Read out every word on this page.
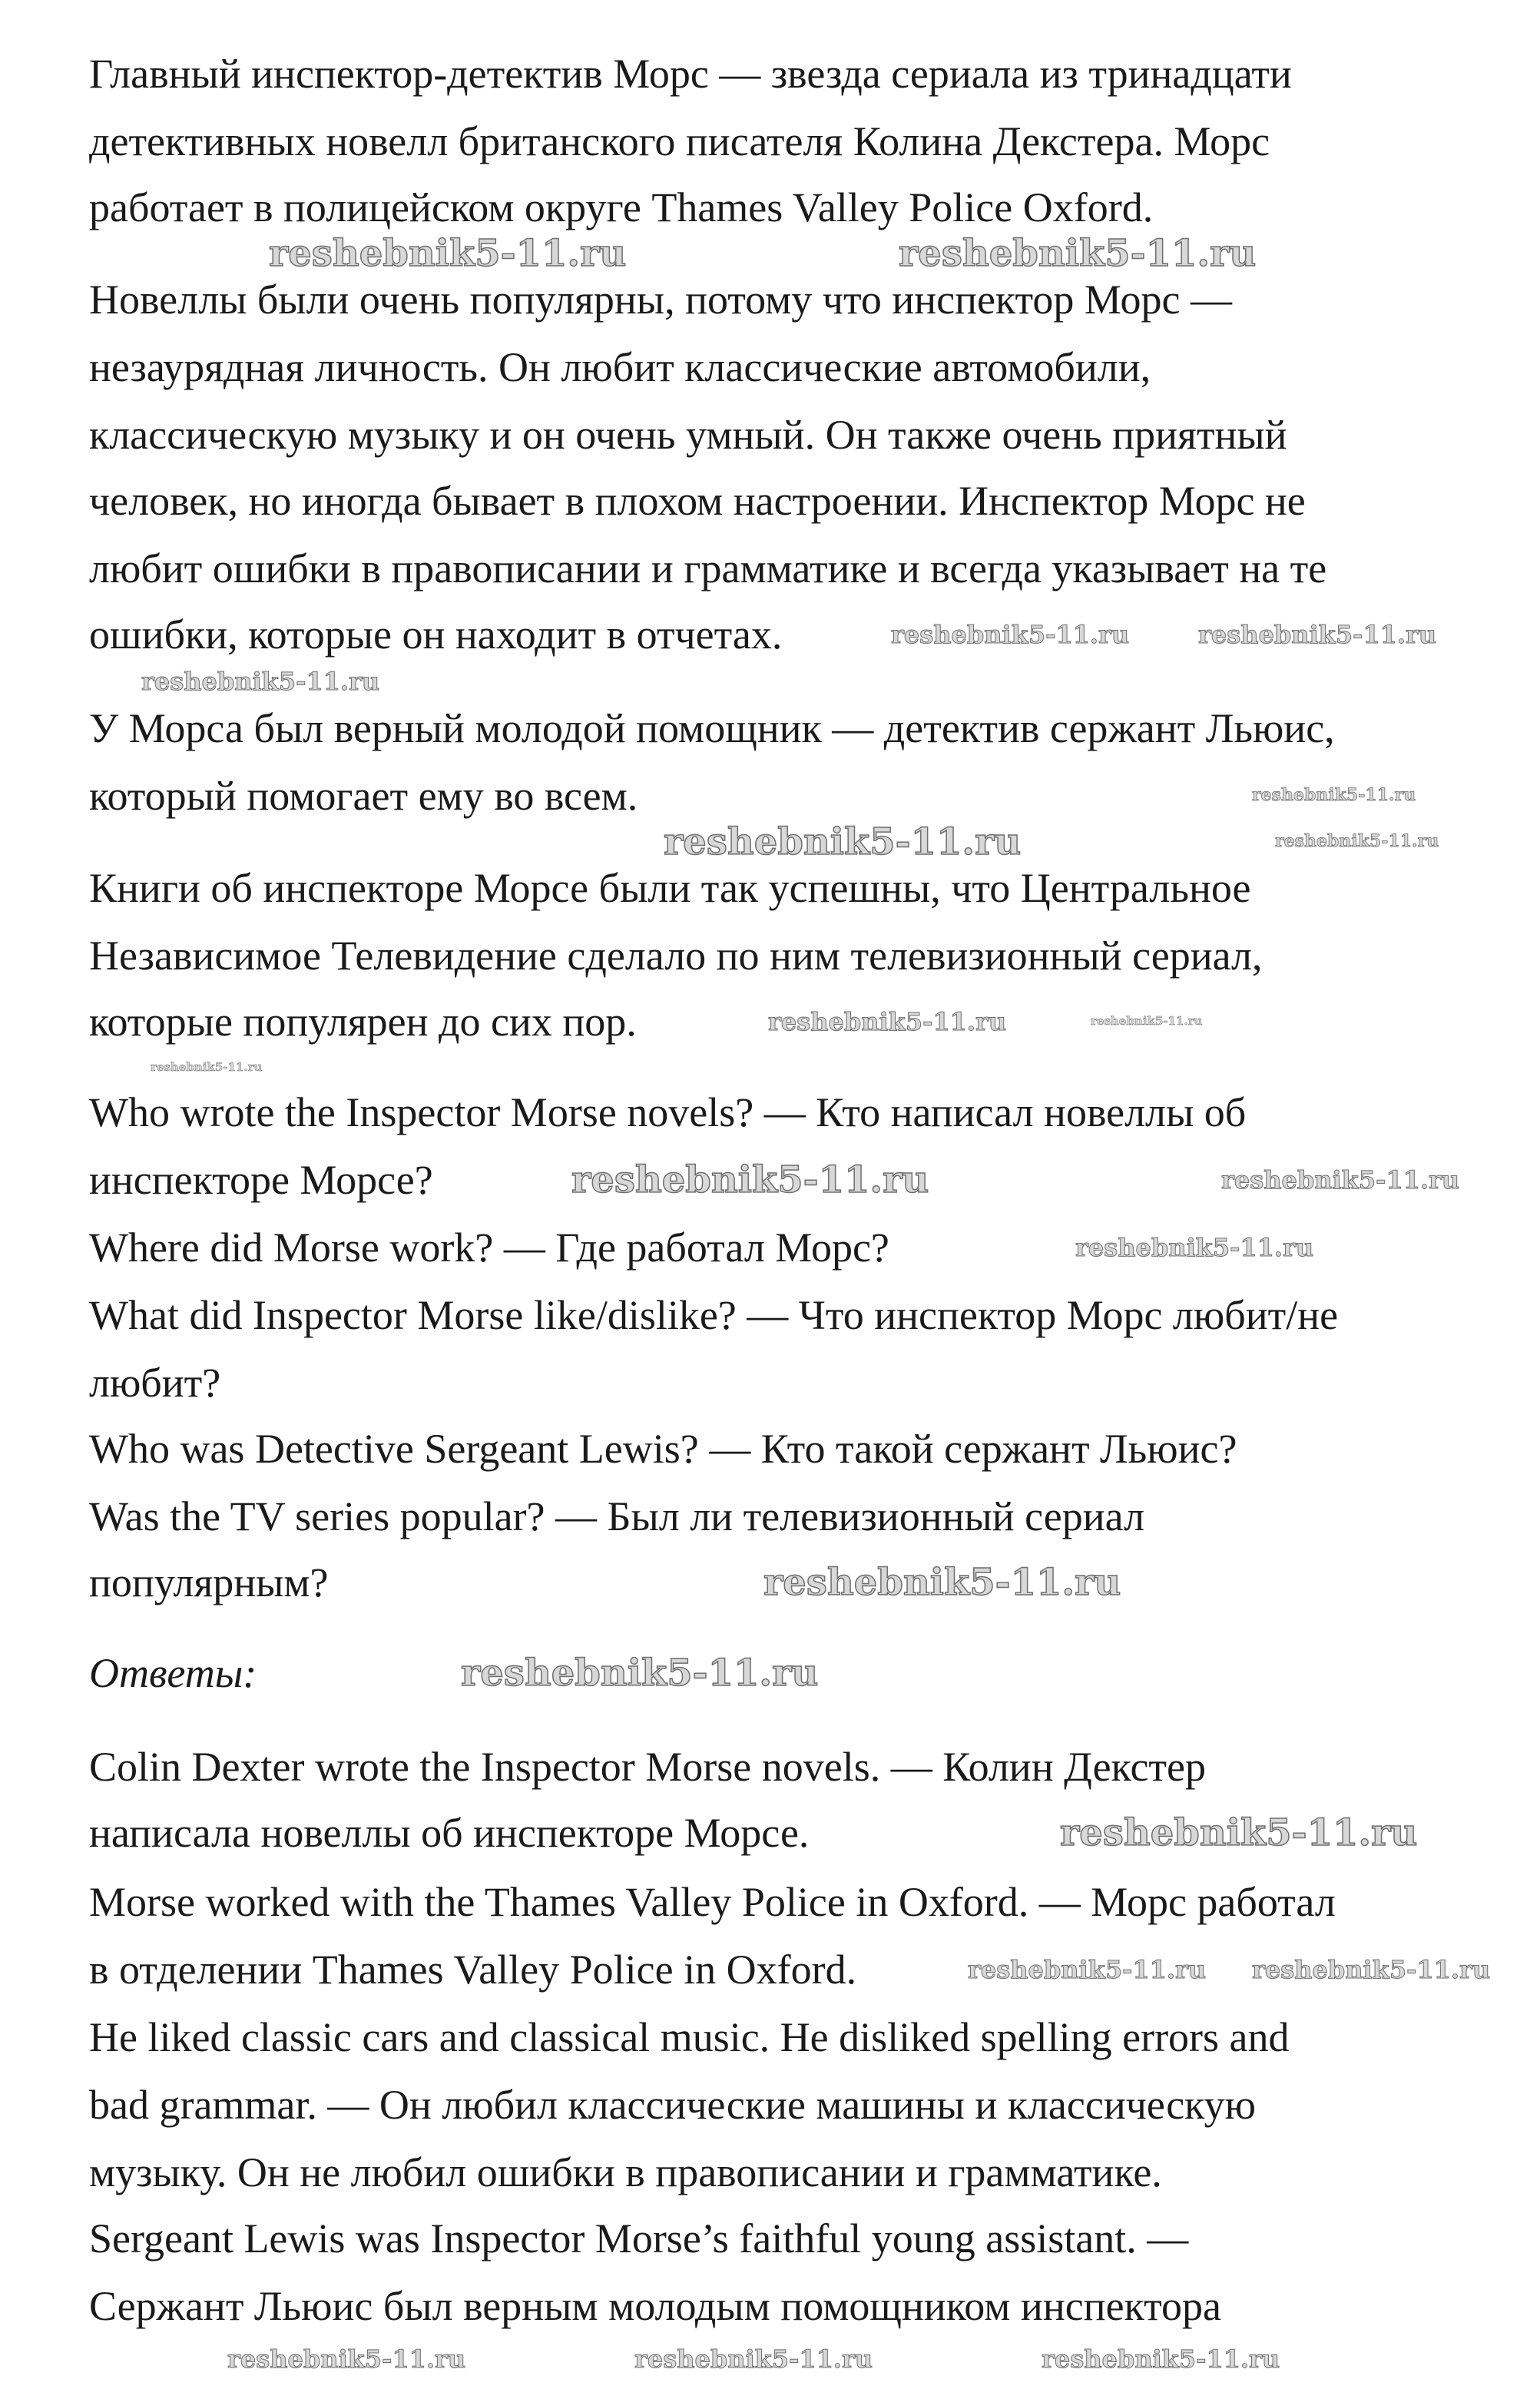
Главный инспектор-детектив Морс — звезда сериала из тринадцати
детективных новелл британского писателя Колина Декстера. Морс
работает в полицейском округе Thames Valley Police Oxford.
Новеллы были очень популярны, потому что инспектор Морс —
незаурядная личность. Он любит классические автомобили,
классическую музыку и он очень умный. Он также очень приятный
человек, но иногда бывает в плохом настроении. Инспектор Морс не
любит ошибки в правописании и грамматике и всегда указывает на те
ошибки, которые он находит в отчетах.
У Морса был верный молодой помощник — детектив сержант Льюис,
который помогает ему во всем.
Книги об инспекторе Морсе были так успешны, что Центральное
Независимое Телевидение сделало по ним телевизионный сериал,
которые популярен до сих пор.
Who wrote the Inspector Morse novels? — Кто написал новеллы об
инспекторе Морсе?
Where did Morse work? — Где работал Морс?
What did Inspector Morse like/dislike? — Что инспектор Морс любит/не
любит?
Who was Detective Sergeant Lewis? — Кто такой сержант Льюис?
Was the TV series popular? — Был ли телевизионный сериал
популярным?
Ответы:
Colin Dexter wrote the Inspector Morse novels. — Колин Декстер
написала новеллы об инспекторе Морсе.
Morse worked with the Thames Valley Police in Oxford. — Морс работал
в отделении Thames Valley Police in Oxford.
He liked classic cars and classical music. He disliked spelling errors and
bad grammar. — Он любил классические машины и классическую
музыку. Он не любил ошибки в правописании и грамматике.
Sergeant Lewis was Inspector Morse’s faithful young assistant. —
Сержант Льюис был верным молодым помощником инспектора
reshebnik5-11.ru	reshebnik5-11.ru
reshebnik5-11.ru	reshebnik5-11.ru
reshebnik5-11.ru
reshebnik5-11.ru
reshebnik5-11.ru	reshebnik5-11.ru
reshebnik5-11.ru	reshebnik5-11.ru
reshebnik5-11.ru
reshebnik5-11.ru
reshebnik5-11.ru
reshebnik5-11.ru
reshebnik5-11.ru
reshebnik5-11.ru
reshebnik5-11.ru
reshebnik5-11.ru reshebnik5-11.ru
reshebnik5-11.ru	reshebnik5-11.ru	reshebnik5-11.ru
